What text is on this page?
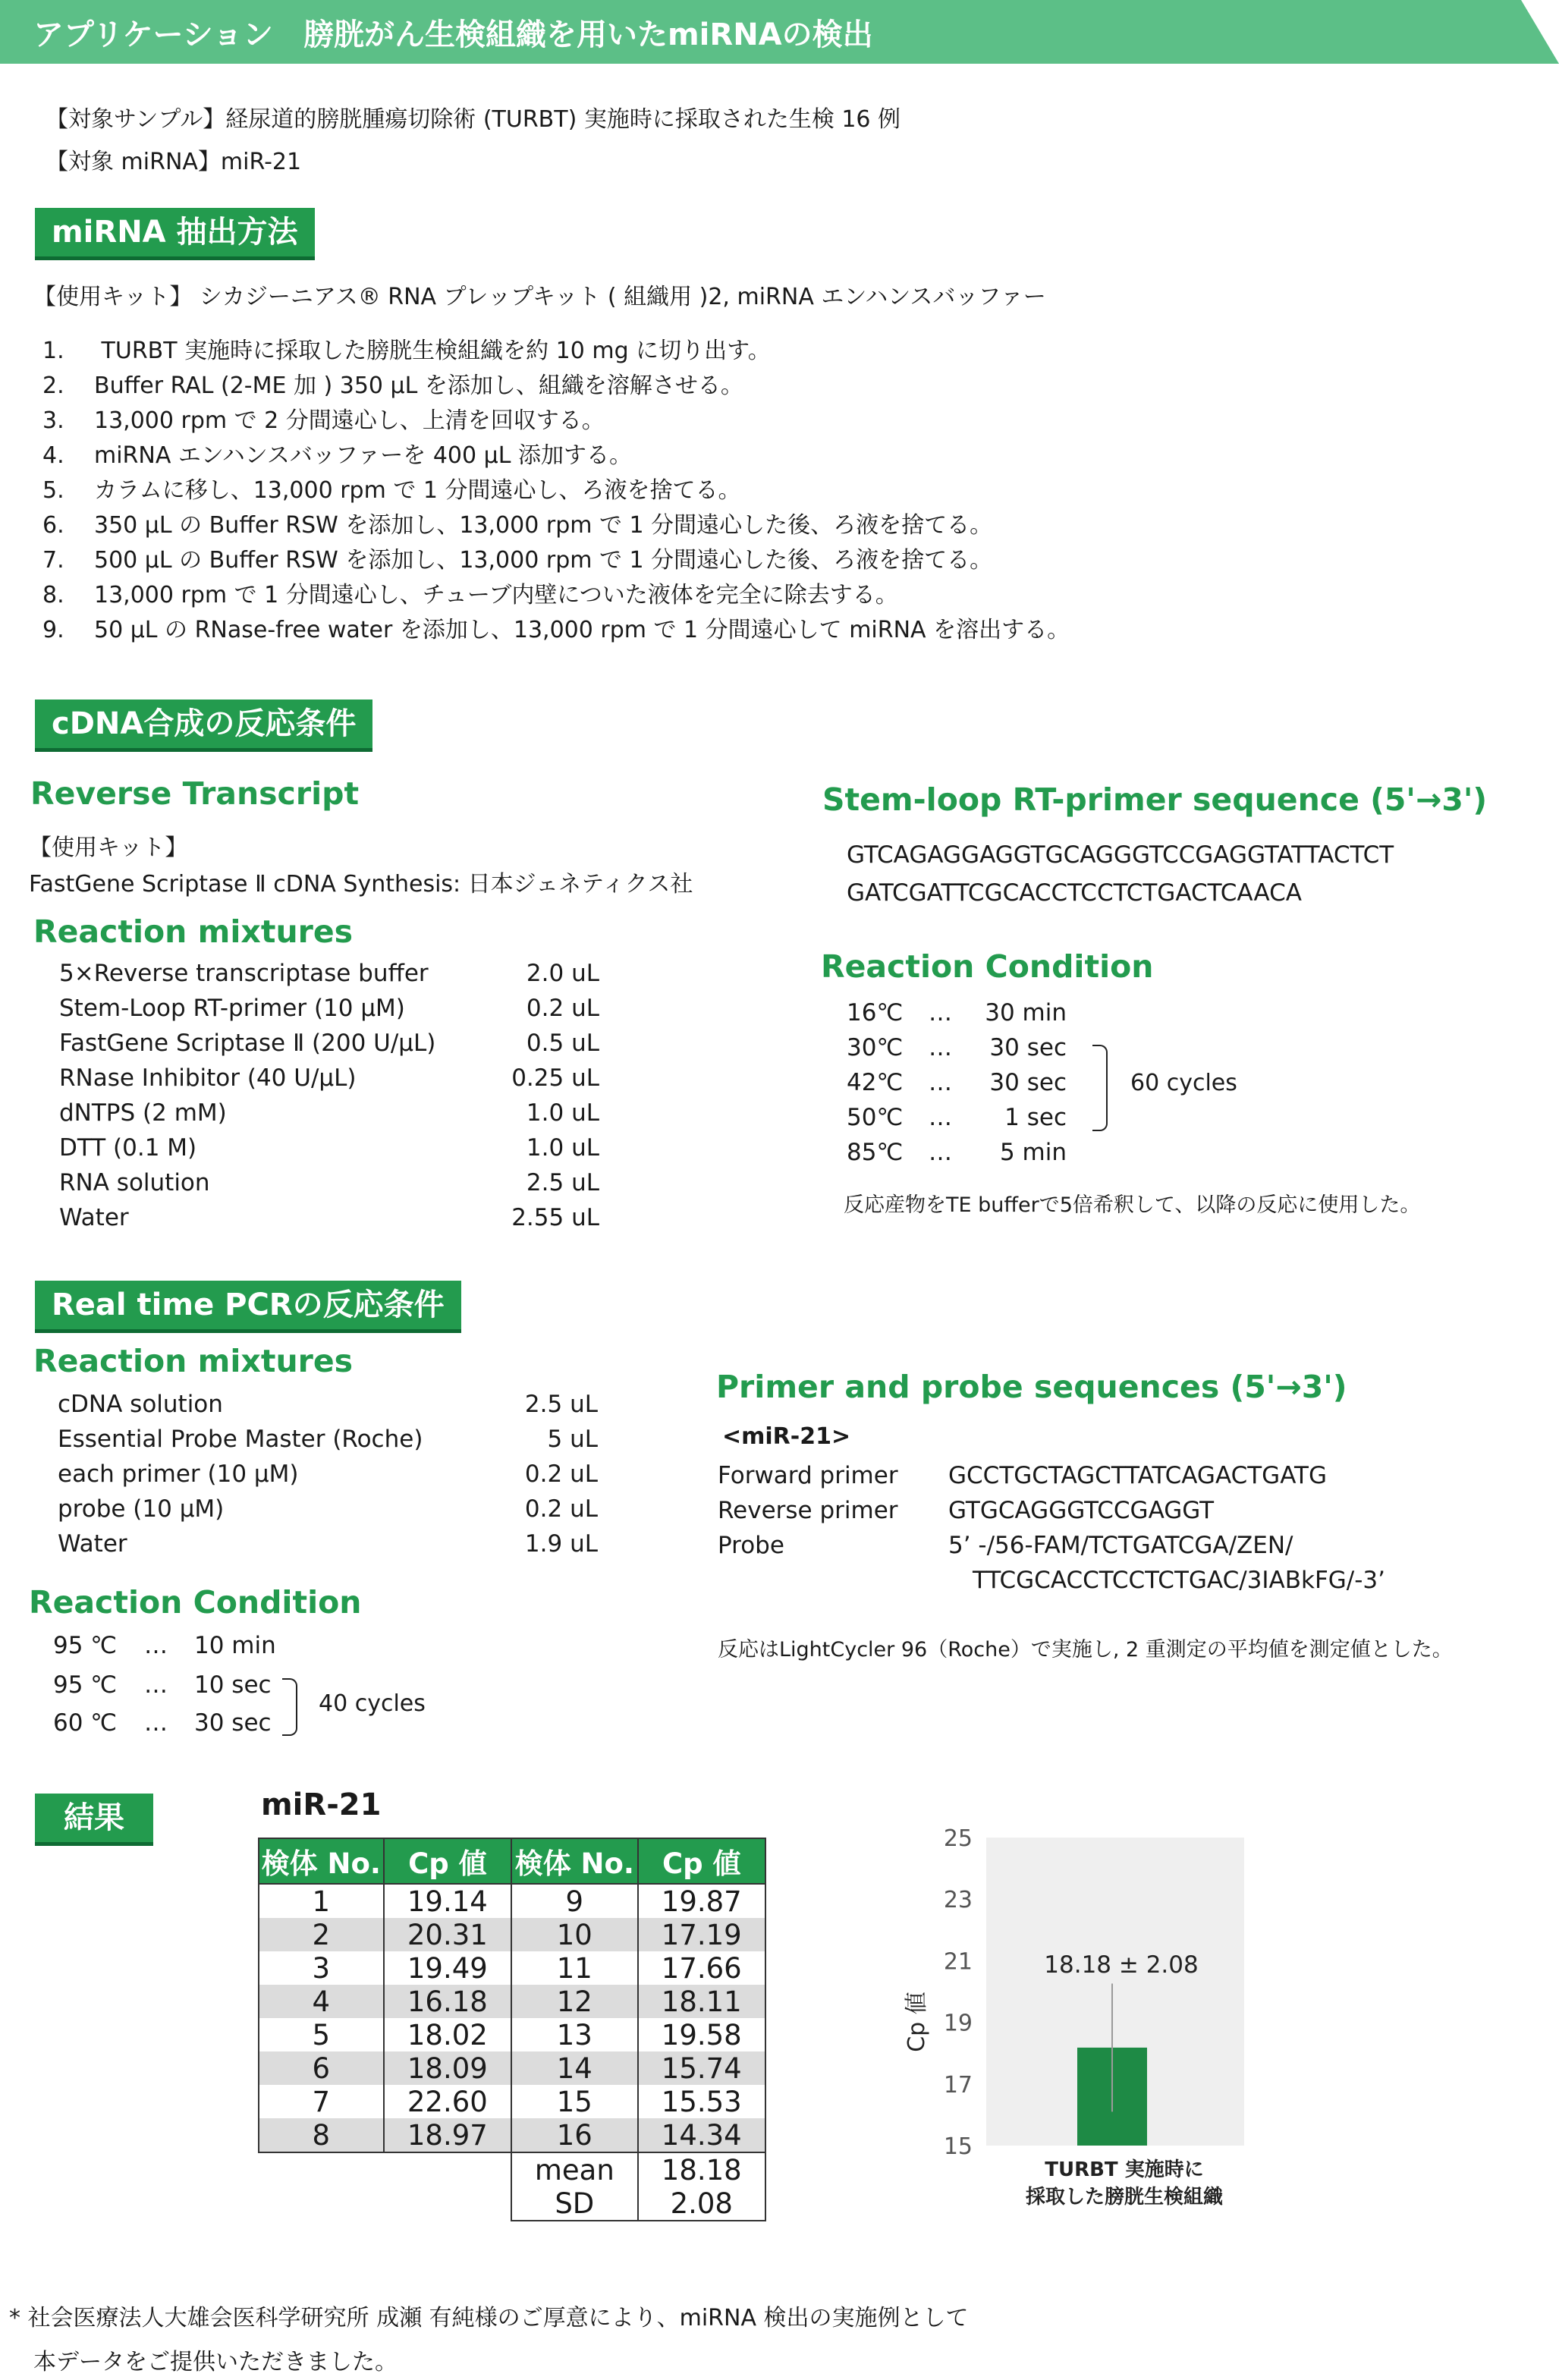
アプリケーション　膀胱がん生検組織を用いたmiRNAの検出
【対象サンプル】経尿道的膀胱腫瘍切除術 (TURBT) 実施時に採取された生検 16 例
【対象 miRNA】miR-21
miRNA 抽出方法
【使用キット】 シカジーニアス® RNA プレップキット ( 組織用 )2, miRNA エンハンスバッファー
1. TURBT 実施時に採取した膀胱生検組織を約 10 mg に切り出す。
2. Buffer RAL (2-ME 加 ) 350 μL を添加し、組織を溶解させる。
3. 13,000 rpm で 2 分間遠心し、上清を回収する。
4. miRNA エンハンスバッファーを 400 μL 添加する。
5. カラムに移し、13,000 rpm で 1 分間遠心し、ろ液を捨てる。
6. 350 μL の Buffer RSW を添加し、13,000 rpm で 1 分間遠心した後、ろ液を捨てる。
7. 500 μL の Buffer RSW を添加し、13,000 rpm で 1 分間遠心した後、ろ液を捨てる。
8. 13,000 rpm で 1 分間遠心し、チューブ内壁についた液体を完全に除去する。
9. 50 μL の RNase-free water を添加し、13,000 rpm で 1 分間遠心して miRNA を溶出する。
cDNA合成の反応条件
Reverse Transcript
【使用キット】
FastGene Scriptase Ⅱ cDNA Synthesis: 日本ジェネティクス社
Reaction mixtures
5×Reverse transcriptase buffer	2.0 uL
Stem-Loop RT-primer (10 μM)	0.2 uL
FastGene Scriptase Ⅱ (200 U/μL)	0.5 uL
RNase Inhibitor (40 U/μL)	0.25 uL
dNTPS (2 mM)	1.0 uL
DTT (0.1 M)	1.0 uL
RNA solution	2.5 uL
Water	2.55 uL
Stem-loop RT-primer sequence (5'→3')
GTCAGAGGAGGTGCAGGGTCCGAGGTATTACTCT
GATCGATTCGCACCTCCTCTGACTCAACA
Reaction Condition
16℃ … 30 min
30℃ … 30 sec
42℃ … 30 sec
50℃ … 1 sec
85℃ … 5 min
60 cycles
反応産物をTE bufferで5倍希釈して、以降の反応に使用した。
Real time PCRの反応条件
Reaction mixtures
cDNA solution	2.5 uL
Essential Probe Master (Roche)	5 uL
each primer (10 μM)	0.2 uL
probe (10 μM)	0.2 uL
Water	1.9 uL
Reaction Condition
95 ℃ … 10 min
95 ℃ … 10 sec
60 ℃ … 30 sec
40 cycles
Primer and probe sequences (5'→3')
<miR-21>
Forward primer GCCTGCTAGCTTATCAGACTGATG
Reverse primer GTGCAGGGTCCGAGGT
Probe	5’ -/56-FAM/TCTGATCGA/ZEN/
TTCGCACCTCCTCTGAC/3IABkFG/-3’
反応はLightCycler 96（Roche）で実施し, 2 重測定の平均値を測定値とした。
結果	miR-21
検体 No.	Cp 値	検体 No.	Cp 値
1	19.14	9	19.87
2	20.31	10	17.19
3	19.49	11	17.66
4	16.18	12	18.11
5	18.02	13	19.58
6	18.09	14	15.74
7	22.60	15	15.53
8	18.97	16	14.34
		mean	18.18
		SD	2.08
15
17
19
21
23
25
18.18 ± 2.08
Cp 値
TURBT 実施時に
採取した膀胱生検組織
* 社会医療法人大雄会医科学研究所 成瀬 有純様のご厚意により、miRNA 検出の実施例として
本データをご提供いただきました。
